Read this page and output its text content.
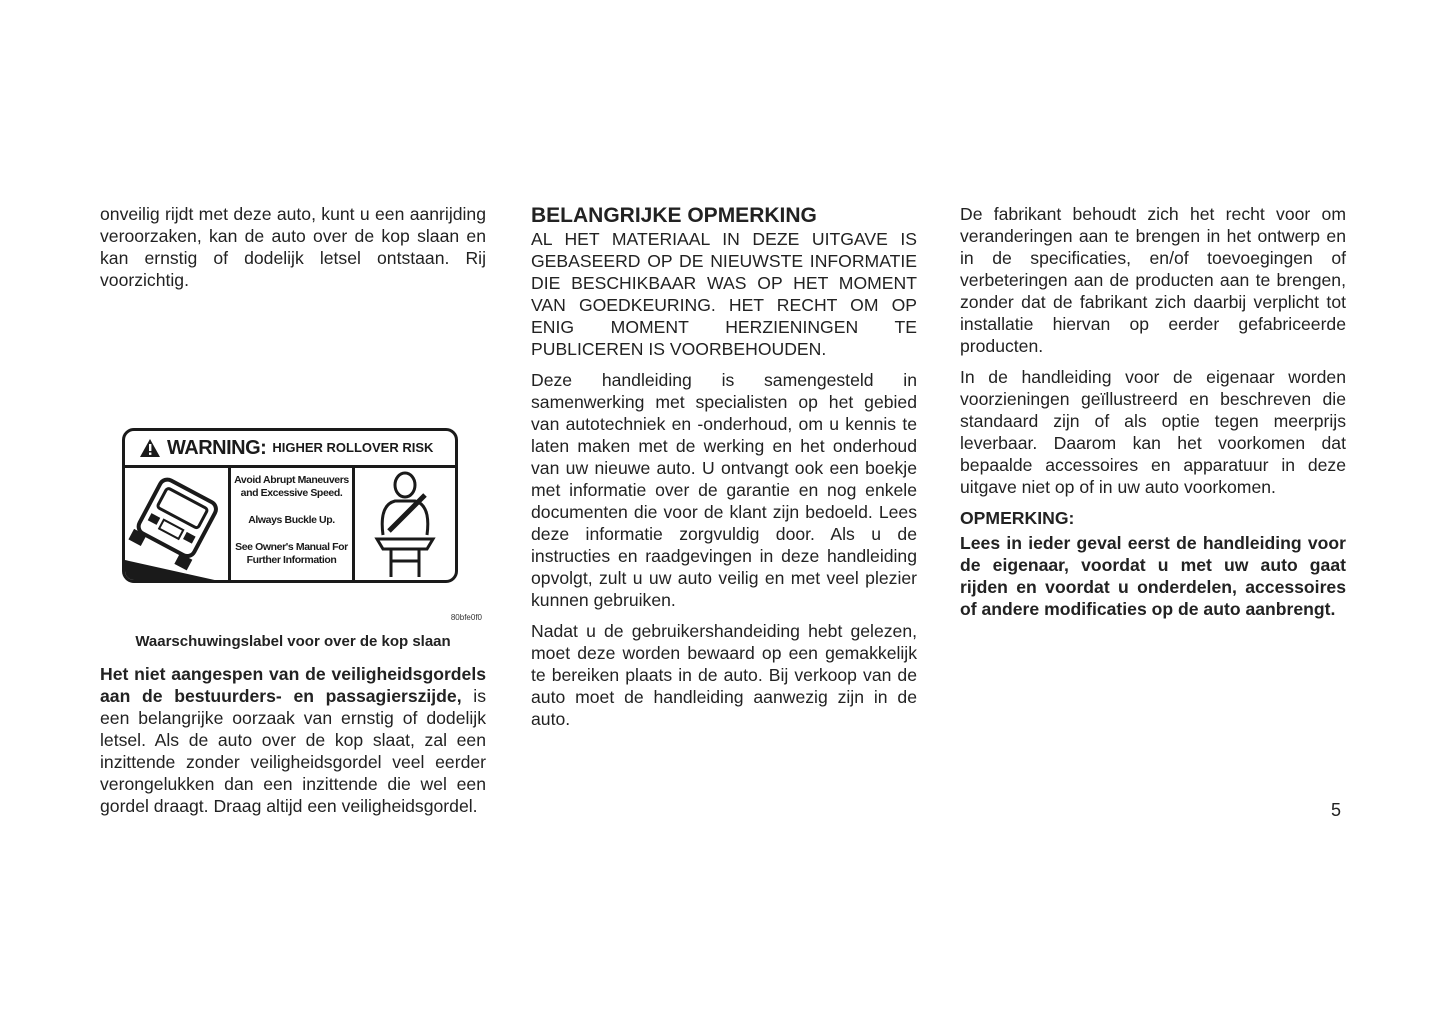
onveilig rijdt met deze auto, kunt u een aanrijding veroorzaken, kan de auto over de kop slaan en kan ernstig of dodelijk letsel ontstaan. Rij voorzichtig.

WARNING: HIGHER ROLLOVER RISK
Avoid Abrupt Maneuvers and Excessive Speed.
Always Buckle Up.
See Owner's Manual For Further Information
80bfe0f0
Waarschuwingslabel voor over de kop slaan

Het niet aangespen van de veiligheidsgordels aan de bestuurders- en passagierszijde, is een belangrijke oorzaak van ernstig of dodelijk letsel. Als de auto over de kop slaat, zal een inzittende zonder veiligheidsgordel veel eerder verongelukken dan een inzittende die wel een gordel draagt. Draag altijd een veiligheidsgordel.

BELANGRIJKE OPMERKING

AL HET MATERIAAL IN DEZE UITGAVE IS GEBASEERD OP DE NIEUWSTE INFORMATIE DIE BESCHIKBAAR WAS OP HET MOMENT VAN GOEDKEURING. HET RECHT OM OP ENIG MOMENT HERZIENINGEN TE PUBLICEREN IS VOORBEHOUDEN.

Deze handleiding is samengesteld in samenwerking met specialisten op het gebied van autotechniek en -onderhoud, om u kennis te laten maken met de werking en het onderhoud van uw nieuwe auto. U ontvangt ook een boekje met informatie over de garantie en nog enkele documenten die voor de klant zijn bedoeld. Lees deze informatie zorgvuldig door. Als u de instructies en raadgevingen in deze handleiding opvolgt, zult u uw auto veilig en met veel plezier kunnen gebruiken.

Nadat u de gebruikershandeiding hebt gelezen, moet deze worden bewaard op een gemakkelijk te bereiken plaats in de auto. Bij verkoop van de auto moet de handleiding aanwezig zijn in de auto.

De fabrikant behoudt zich het recht voor om veranderingen aan te brengen in het ontwerp en in de specificaties, en/of toevoegingen of verbeteringen aan de producten aan te brengen, zonder dat de fabrikant zich daarbij verplicht tot installatie hiervan op eerder gefabriceerde producten.

In de handleiding voor de eigenaar worden voorzieningen geïllustreerd en beschreven die standaard zijn of als optie tegen meerprijs leverbaar. Daarom kan het voorkomen dat bepaalde accessoires en apparatuur in deze uitgave niet op of in uw auto voorkomen.

OPMERKING:

Lees in ieder geval eerst de handleiding voor de eigenaar, voordat u met uw auto gaat rijden en voordat u onderdelen, accessoires of andere modificaties op de auto aanbrengt.

5
